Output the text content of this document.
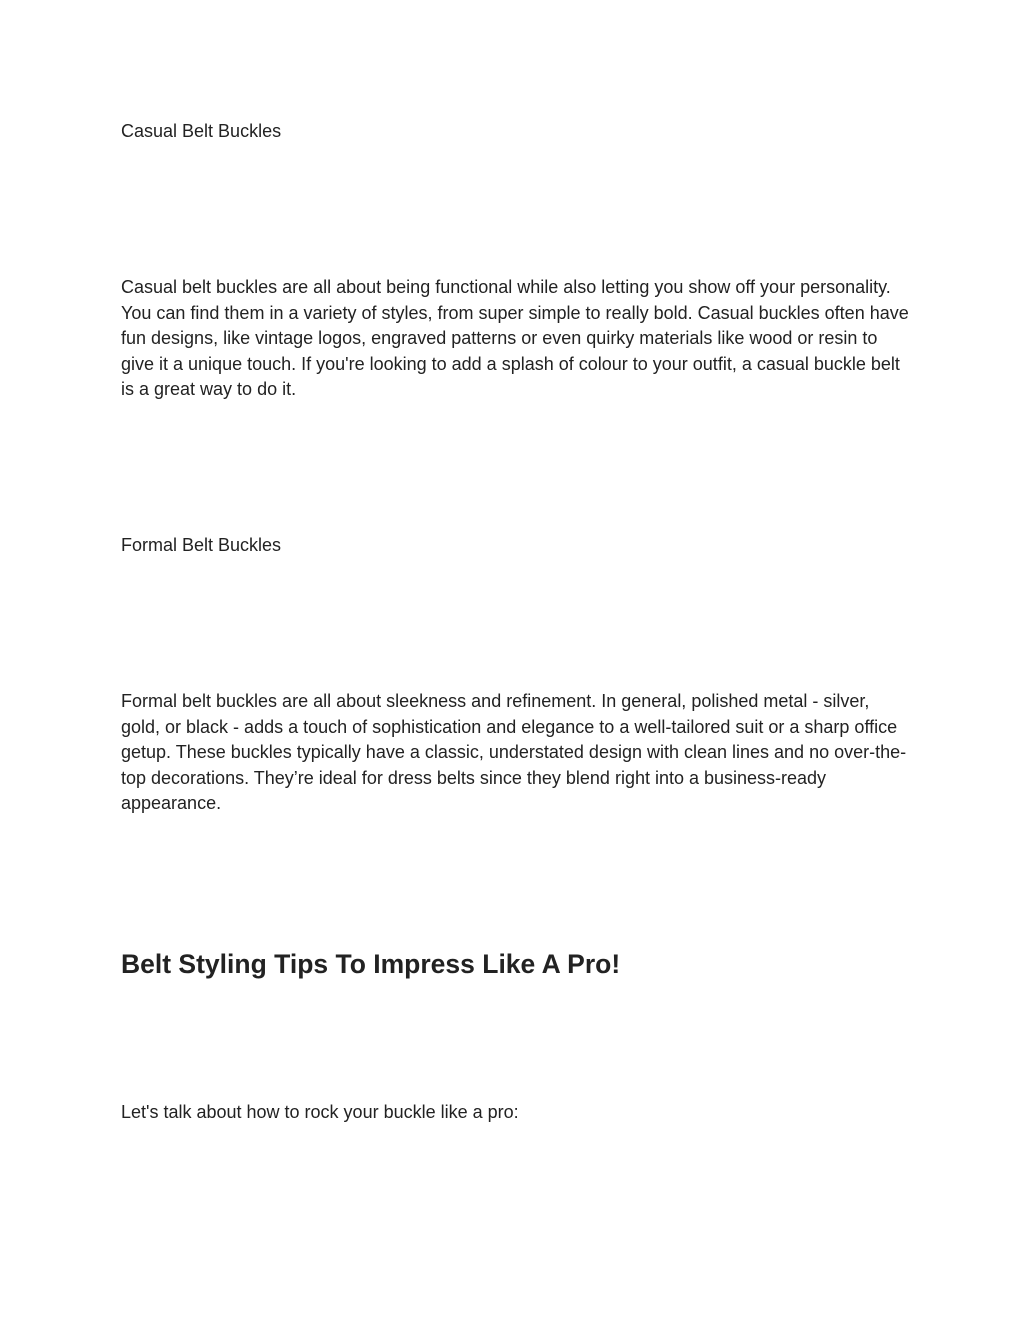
Casual Belt Buckles

Casual belt buckles are all about being functional while also letting you show off your personality. You can find them in a variety of styles, from super simple to really bold. Casual buckles often have fun designs, like vintage logos, engraved patterns or even quirky materials like wood or resin to give it a unique touch. If you're looking to add a splash of colour to your outfit, a casual buckle belt is a great way to do it.

Formal Belt Buckles

Formal belt buckles are all about sleekness and refinement. In general, polished metal - silver, gold, or black - adds a touch of sophistication and elegance to a well-tailored suit or a sharp office getup. These buckles typically have a classic, understated design with clean lines and no over-the-top decorations. They’re ideal for dress belts since they blend right into a business-ready appearance.

Belt Styling Tips To Impress Like A Pro!

Let's talk about how to rock your buckle like a pro:
